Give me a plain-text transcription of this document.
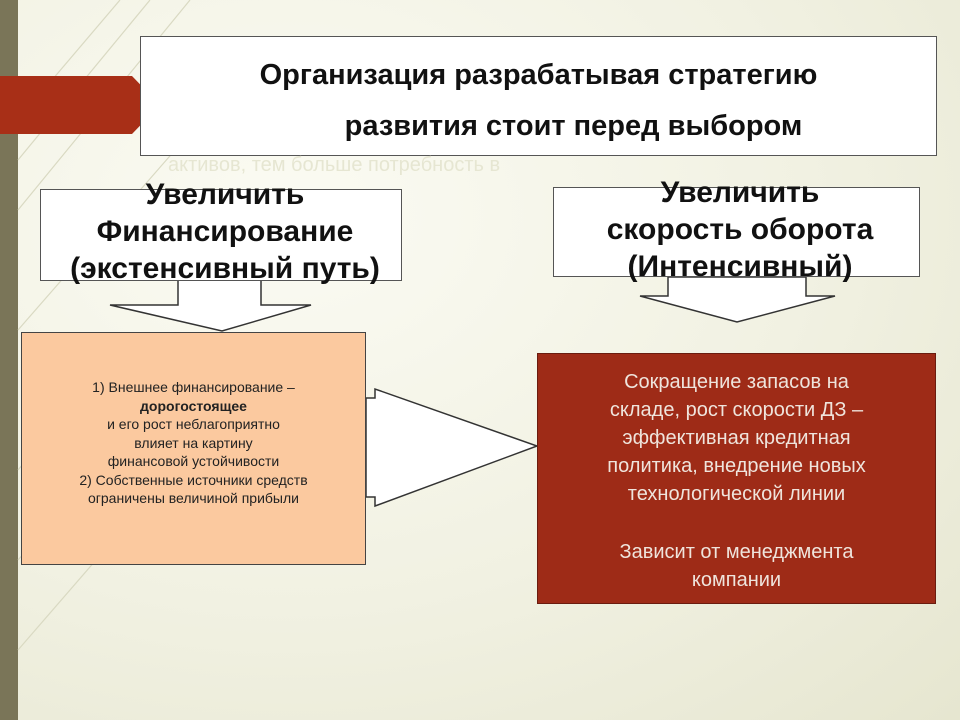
Организация разрабатывая стратегию
развития стоит перед выбором
активов, тем больше потребность в
Увеличить
Финансирование
(экстенсивный путь)
Увеличить
скорость оборота
(Интенсивный)
1) Внешнее финансирование –
дорогостоящее
и его рост неблагоприятно
влияет на картину
финансовой устойчивости
2) Собственные источники средств
ограничены величиной прибыли
Сокращение запасов на
складе, рост скорости ДЗ –
эффективная кредитная
политика, внедрение новых
технологической линии
Зависит от менеджмента
компании
